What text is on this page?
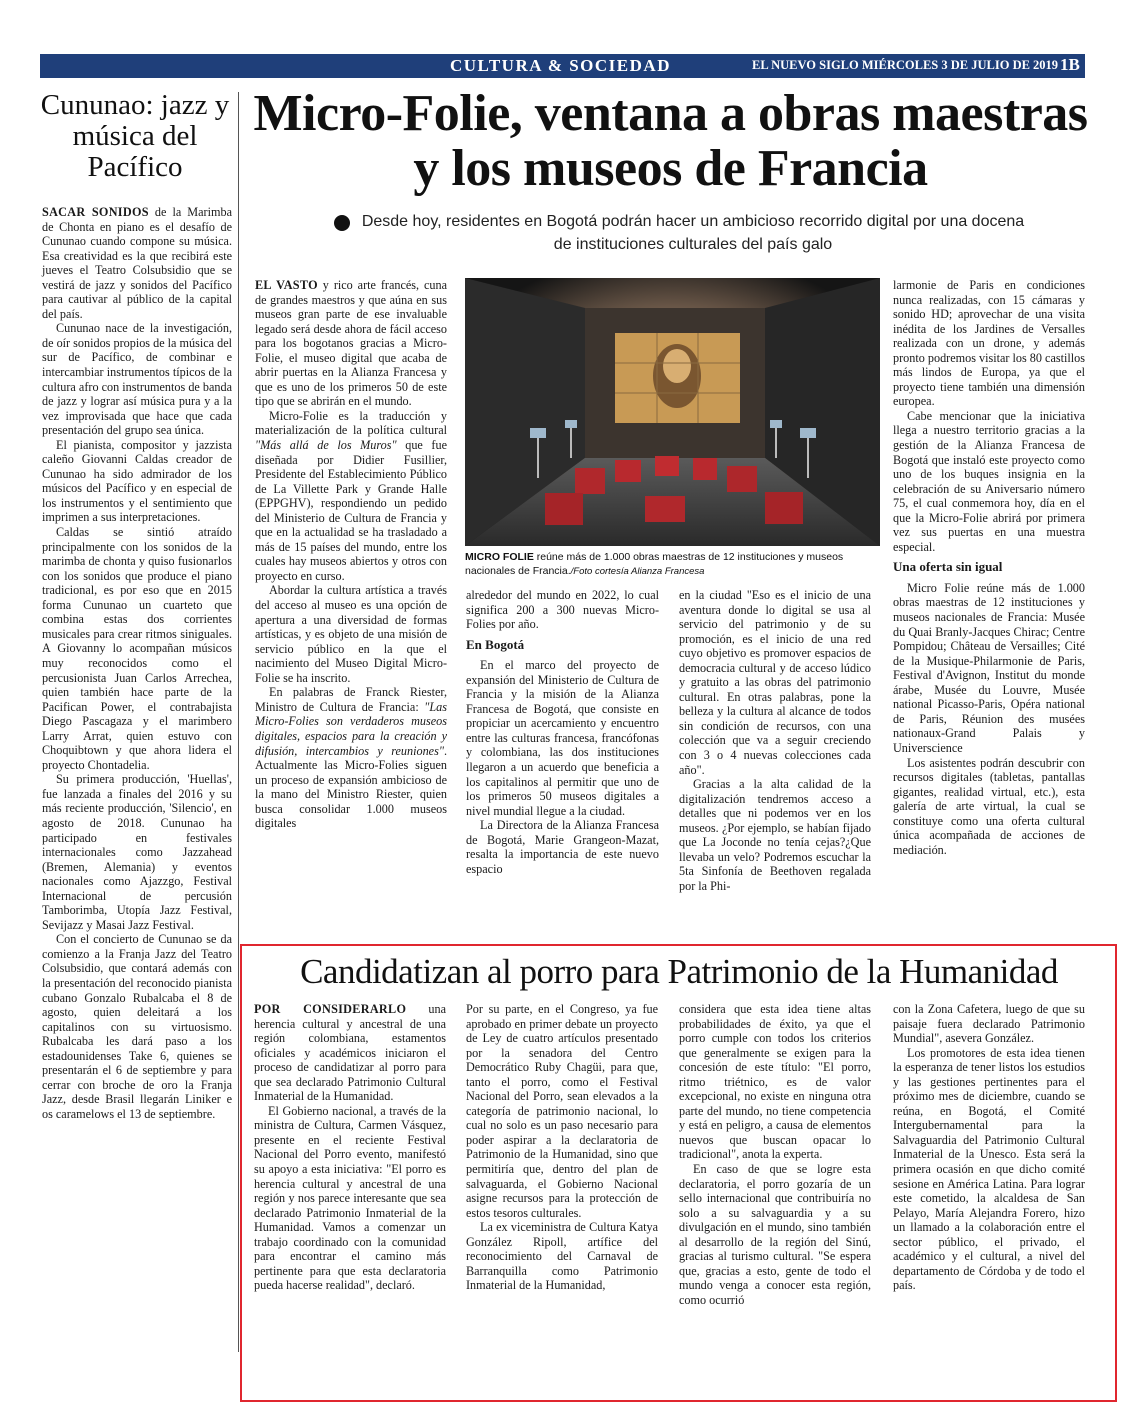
CULTURA & SOCIEDAD	EL NUEVO SIGLO MIÉRCOLES 3 DE JULIO DE 2019 1B
Cununao: jazz y música del Pacífico

SACAR SONIDOS de la Marimba de Chonta en piano es el desafío de Cununao cuando compone su música. Esa creatividad es la que recibirá este jueves el Teatro Colsubsidio que se vestirá de jazz y sonidos del Pacífico para cautivar al público de la capital del país.

Cununao nace de la investigación, de oír sonidos propios de la música del sur de Pacífico, de combinar e intercambiar instrumentos típicos de la cultura afro con instrumentos de banda de jazz y lograr así música pura y a la vez improvisada que hace que cada presentación del grupo sea única.

El pianista, compositor y jazzista caleño Giovanni Caldas creador de Cununao ha sido admirador de los músicos del Pacífico y en especial de los instrumentos y el sentimiento que imprimen a sus interpretaciones.

Caldas se sintió atraído principalmente con los sonidos de la marimba de chonta y quiso fusionarlos con los sonidos que produce el piano tradicional, es por eso que en 2015 forma Cununao un cuarteto que combina estas dos corrientes musicales para crear ritmos siniguales. A Giovanny lo acompañan músicos muy reconocidos como el percusionista Juan Carlos Arrechea, quien también hace parte de la Pacifican Power, el contrabajista Diego Pascagaza y el marimbero Larry Arrat, quien estuvo con Choquibtown y que ahora lidera el proyecto Chontadelia.

Su primera producción, 'Huellas', fue lanzada a finales del 2016 y su más reciente producción, 'Silencio', en agosto de 2018. Cununao ha participado en festivales internacionales como Jazzahead (Bremen, Alemania) y eventos nacionales como Ajazzgo, Festival Internacional de percusión Tamborimba, Utopía Jazz Festival, Sevijazz y Masai Jazz Festival.

Con el concierto de Cununao se da comienzo a la Franja Jazz del Teatro Colsubsidio, que contará además con la presentación del reconocido pianista cubano Gonzalo Rubalcaba el 8 de agosto, quien deleitará a los capitalinos con su virtuosismo. Rubalcaba les dará paso a los estadounidenses Take 6, quienes se presentarán el 6 de septiembre y para cerrar con broche de oro la Franja Jazz, desde Brasil llegarán Liniker e os caramelows el 13 de septiembre.

Micro-Folie, ventana a obras maestras y los museos de Francia
Desde hoy, residentes en Bogotá podrán hacer un ambicioso recorrido digital por una docena de instituciones culturales del país galo

EL VASTO y rico arte francés, cuna de grandes maestros y que aúna en sus museos gran parte de ese invaluable legado será desde ahora de fácil acceso para los bogotanos gracias a Micro-Folie, el museo digital que acaba de abrir puertas en la Alianza Francesa y que es uno de los primeros 50 de este tipo que se abrirán en el mundo.

Micro-Folie es la traducción y materialización de la política cultural "Más allá de los Muros" que fue diseñada por Didier Fusillier, Presidente del Establecimiento Público de La Villette Park y Grande Halle (EPPGHV), respondiendo un pedido del Ministerio de Cultura de Francia y que en la actualidad se ha trasladado a más de 15 países del mundo, entre los cuales hay museos abiertos y otros con proyecto en curso.

Abordar la cultura artística a través del acceso al museo es una opción de apertura a una diversidad de formas artísticas, y es objeto de una misión de servicio público en la que el nacimiento del Museo Digital Micro-Folie se ha inscrito.

En palabras de Franck Riester, Ministro de Cultura de Francia: "Las Micro-Folies son verdaderos museos digitales, espacios para la creación y difusión, intercambios y reuniones". Actualmente las Micro-Folies siguen un proceso de expansión ambicioso de la mano del Ministro Riester, quien busca consolidar 1.000 museos digitales

MICRO FOLIE reúne más de 1.000 obras maestras de 12 instituciones y museos nacionales de Francia./Foto cortesía Alianza Francesa

alrededor del mundo en 2022, lo cual significa 200 a 300 nuevas Micro-Folies por año.

En Bogotá

En el marco del proyecto de expansión del Ministerio de Cultura de Francia y la misión de la Alianza Francesa de Bogotá, que consiste en propiciar un acercamiento y encuentro entre las culturas francesa, francófonas y colombiana, las dos instituciones llegaron a un acuerdo que beneficia a los capitalinos al permitir que uno de los primeros 50 museos digitales a nivel mundial llegue a la ciudad.

La Directora de la Alianza Francesa de Bogotá, Marie Grangeon-Mazat, resalta la importancia de este nuevo espacio

en la ciudad "Eso es el inicio de una aventura donde lo digital se usa al servicio del patrimonio y de su promoción, es el inicio de una red cuyo objetivo es promover espacios de democracia cultural y de acceso lúdico y gratuito a las obras del patrimonio cultural. En otras palabras, pone la belleza y la cultura al alcance de todos sin condición de recursos, con una colección que va a seguir creciendo con 3 o 4 nuevas colecciones cada año".

Gracias a la alta calidad de la digitalización tendremos acceso a detalles que ni podemos ver en los museos. ¿Por ejemplo, se habían fijado que La Joconde no tenía cejas?¿Que llevaba un velo? Podremos escuchar la 5ta Sinfonía de Beethoven regalada por la Phi-

larmonie de Paris en condiciones nunca realizadas, con 15 cámaras y sonido HD; aprovechar de una visita inédita de los Jardines de Versalles realizada con un drone, y además pronto podremos visitar los 80 castillos más lindos de Europa, ya que el proyecto tiene también una dimensión europea.

Cabe mencionar que la iniciativa llega a nuestro territorio gracias a la gestión de la Alianza Francesa de Bogotá que instaló este proyecto como uno de los buques insignia en la celebración de su Aniversario número 75, el cual conmemora hoy, día en el que la Micro-Folie abrirá por primera vez sus puertas en una muestra especial.

Una oferta sin igual

Micro Folie reúne más de 1.000 obras maestras de 12 instituciones y museos nacionales de Francia: Musée du Quai Branly-Jacques Chirac; Centre Pompidou; Château de Versailles; Cité de la Musique-Philarmonie de Paris, Festival d'Avignon, Institut du monde árabe, Musée du Louvre, Musée national Picasso-Paris, Opéra national de Paris, Réunion des musées nationaux-Grand Palais y Universcience

Los asistentes podrán descubrir con recursos digitales (tabletas, pantallas gigantes, realidad virtual, etc.), esta galería de arte virtual, la cual se constituye como una oferta cultural única acompañada de acciones de mediación.

Candidatizan al porro para Patrimonio de la Humanidad

POR CONSIDERARLO una herencia cultural y ancestral de una región colombiana, estamentos oficiales y académicos iniciaron el proceso de candidatizar al porro para que sea declarado Patrimonio Cultural Inmaterial de la Humanidad.

El Gobierno nacional, a través de la ministra de Cultura, Carmen Vásquez, presente en el reciente Festival Nacional del Porro evento, manifestó su apoyo a esta iniciativa: "El porro es herencia cultural y ancestral de una región y nos parece interesante que sea declarado Patrimonio Inmaterial de la Humanidad. Vamos a comenzar un trabajo coordinado con la comunidad para encontrar el camino más pertinente para que esta declaratoria pueda hacerse realidad", declaró.

Por su parte, en el Congreso, ya fue aprobado en primer debate un proyecto de Ley de cuatro artículos presentado por la senadora del Centro Democrático Ruby Chagüi, para que, tanto el porro, como el Festival Nacional del Porro, sean elevados a la categoría de patrimonio nacional, lo cual no solo es un paso necesario para poder aspirar a la declaratoria de Patrimonio de la Humanidad, sino que permitiría que, dentro del plan de salvaguarda, el Gobierno Nacional asigne recursos para la protección de estos tesoros culturales.

La ex viceministra de Cultura Katya González Ripoll, artífice del reconocimiento del Carnaval de Barranquilla como Patrimonio Inmaterial de la Humanidad,

considera que esta idea tiene altas probabilidades de éxito, ya que el porro cumple con todos los criterios que generalmente se exigen para la concesión de este título: "El porro, ritmo triétnico, es de valor excepcional, no existe en ninguna otra parte del mundo, no tiene competencia y está en peligro, a causa de elementos nuevos que buscan opacar lo tradicional", anota la experta.

En caso de que se logre esta declaratoria, el porro gozaría de un sello internacional que contribuiría no solo a su salvaguardia y a su divulgación en el mundo, sino también al desarrollo de la región del Sinú, gracias al turismo cultural. "Se espera que, gracias a esto, gente de todo el mundo venga a conocer esta región, como ocurrió

con la Zona Cafetera, luego de que su paisaje fuera declarado Patrimonio Mundial", asevera González.

Los promotores de esta idea tienen la esperanza de tener listos los estudios y las gestiones pertinentes para el próximo mes de diciembre, cuando se reúna, en Bogotá, el Comité Intergubernamental para la Salvaguardia del Patrimonio Cultural Inmaterial de la Unesco. Esta será la primera ocasión en que dicho comité sesione en América Latina. Para lograr este cometido, la alcaldesa de San Pelayo, María Alejandra Forero, hizo un llamado a la colaboración entre el sector público, el privado, el académico y el cultural, a nivel del departamento de Córdoba y de todo el país.
